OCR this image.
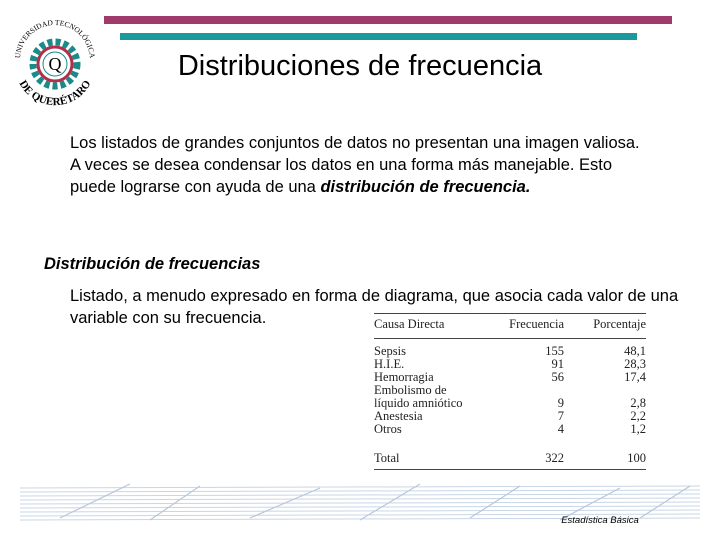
UNIVERSIDAD TECNOLÓGICA
DE QUERÉTARO
Q	Distribuciones de frecuencia
Los listados de grandes conjuntos de datos no presentan una imagen valiosa. A veces se desea condensar los datos en una forma más manejable. Esto puede lograrse con ayuda de una distribución de frecuencia.
Distribución de frecuencias
Listado, a menudo expresado en forma de diagrama, que asocia cada valor de una variable con su frecuencia.	Causa Directa	Frecuencia	Porcentaje
Sepsis	155	48,1
H.I.E.	91	28,3
Hemorragia	56	17,4
Embolismo de
líquido amniótico	9	2,8
Anestesia	7	2,2
Otros	4	1,2
Total	322	100
Estadística Básica
